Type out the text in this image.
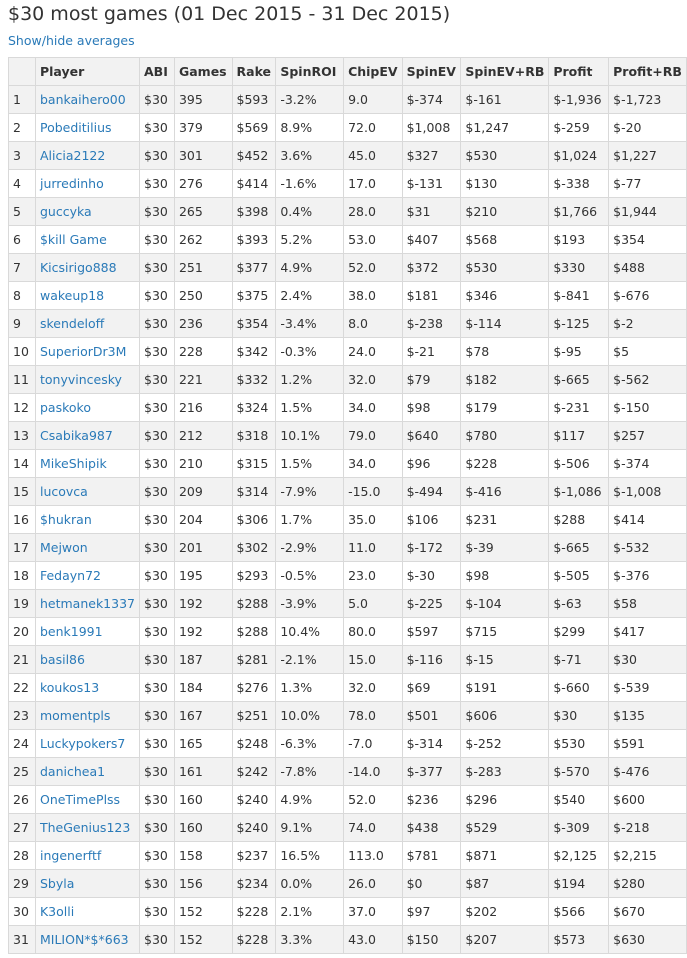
$30 most games (01 Dec 2015 - 31 Dec 2015)
Show/hide averages
	Player	ABI	Games	Rake	SpinROI	ChipEV	SpinEV	SpinEV+RB	Profit	Profit+RB
1	bankaihero00	$30	395	$593	-3.2%	9.0	$-374	$-161	$-1,936	$-1,723
2	Pobeditilius	$30	379	$569	8.9%	72.0	$1,008	$1,247	$-259	$-20
3	Alicia2122	$30	301	$452	3.6%	45.0	$327	$530	$1,024	$1,227
4	jurredinho	$30	276	$414	-1.6%	17.0	$-131	$130	$-338	$-77
5	guccyka	$30	265	$398	0.4%	28.0	$31	$210	$1,766	$1,944
6	$kill Game	$30	262	$393	5.2%	53.0	$407	$568	$193	$354
7	Kicsirigo888	$30	251	$377	4.9%	52.0	$372	$530	$330	$488
8	wakeup18	$30	250	$375	2.4%	38.0	$181	$346	$-841	$-676
9	skendeloff	$30	236	$354	-3.4%	8.0	$-238	$-114	$-125	$-2
10	SuperiorDr3M	$30	228	$342	-0.3%	24.0	$-21	$78	$-95	$5
11	tonyvincesky	$30	221	$332	1.2%	32.0	$79	$182	$-665	$-562
12	paskoko	$30	216	$324	1.5%	34.0	$98	$179	$-231	$-150
13	Csabika987	$30	212	$318	10.1%	79.0	$640	$780	$117	$257
14	MikeShipik	$30	210	$315	1.5%	34.0	$96	$228	$-506	$-374
15	lucovca	$30	209	$314	-7.9%	-15.0	$-494	$-416	$-1,086	$-1,008
16	$hukran	$30	204	$306	1.7%	35.0	$106	$231	$288	$414
17	Mejwon	$30	201	$302	-2.9%	11.0	$-172	$-39	$-665	$-532
18	Fedayn72	$30	195	$293	-0.5%	23.0	$-30	$98	$-505	$-376
19	hetmanek1337	$30	192	$288	-3.9%	5.0	$-225	$-104	$-63	$58
20	benk1991	$30	192	$288	10.4%	80.0	$597	$715	$299	$417
21	basil86	$30	187	$281	-2.1%	15.0	$-116	$-15	$-71	$30
22	koukos13	$30	184	$276	1.3%	32.0	$69	$191	$-660	$-539
23	momentpls	$30	167	$251	10.0%	78.0	$501	$606	$30	$135
24	Luckypokers7	$30	165	$248	-6.3%	-7.0	$-314	$-252	$530	$591
25	danichea1	$30	161	$242	-7.8%	-14.0	$-377	$-283	$-570	$-476
26	OneTimePlss	$30	160	$240	4.9%	52.0	$236	$296	$540	$600
27	TheGenius123	$30	160	$240	9.1%	74.0	$438	$529	$-309	$-218
28	ingenerftf	$30	158	$237	16.5%	113.0	$781	$871	$2,125	$2,215
29	Sbyla	$30	156	$234	0.0%	26.0	$0	$87	$194	$280
30	K3olli	$30	152	$228	2.1%	37.0	$97	$202	$566	$670
31	MILION*$*663	$30	152	$228	3.3%	43.0	$150	$207	$573	$630
